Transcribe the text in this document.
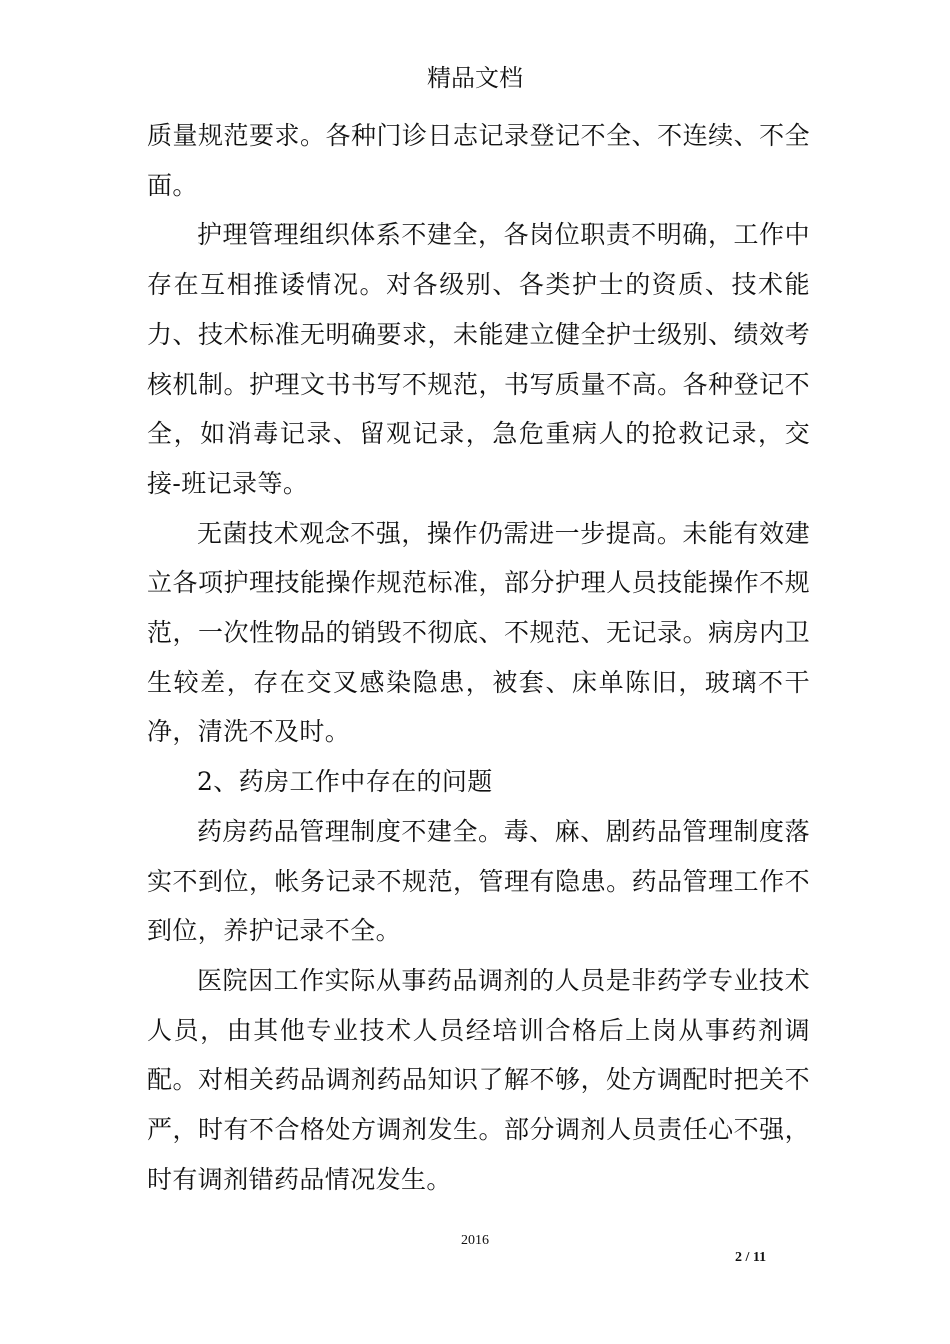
精品文档

质量规范要求。各种门诊日志记录登记不全、不连续、不全面。

护理管理组织体系不建全，各岗位职责不明确，工作中存在互相推诿情况。对各级别、各类护士的资质、技术能力、技术标准无明确要求，未能建立健全护士级别、绩效考核机制。护理文书书写不规范，书写质量不高。各种登记不全，如消毒记录、留观记录，急危重病人的抢救记录，交接-班记录等。

无菌技术观念不强，操作仍需进一步提高。未能有效建立各项护理技能操作规范标准，部分护理人员技能操作不规范，一次性物品的销毁不彻底、不规范、无记录。病房内卫生较差，存在交叉感染隐患，被套、床单陈旧，玻璃不干净，清洗不及时。

2、药房工作中存在的问题

药房药品管理制度不建全。毒、麻、剧药品管理制度落实不到位，帐务记录不规范，管理有隐患。药品管理工作不到位，养护记录不全。

医院因工作实际从事药品调剂的人员是非药学专业技术人员，由其他专业技术人员经培训合格后上岗从事药剂调配。对相关药品调剂药品知识了解不够，处方调配时把关不严，时有不合格处方调剂发生。部分调剂人员责任心不强，时有调剂错药品情况发生。

2016
2 / 11
